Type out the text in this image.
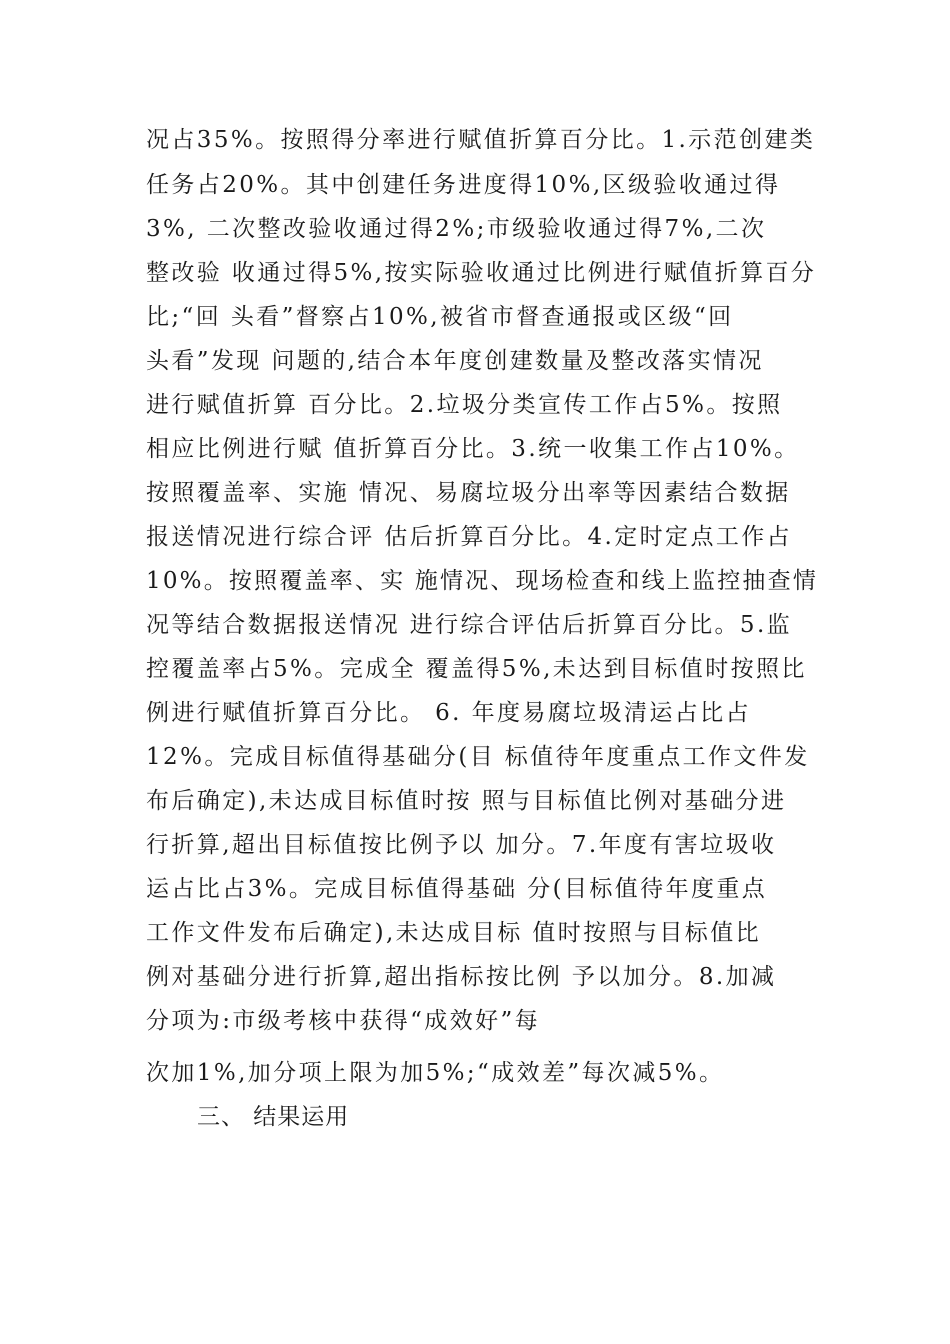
况占35%。按照得分率进行赋值折算百分比。1.示范创建类
任务占20%。其中创建任务进度得10%,区级验收通过得
3%, 二次整改验收通过得2%;市级验收通过得7%,二次
整改验 收通过得5%,按实际验收通过比例进行赋值折算百分
比;“回 头看”督察占10%,被省市督查通报或区级“回
头看”发现 问题的,结合本年度创建数量及整改落实情况
进行赋值折算 百分比。2.垃圾分类宣传工作占5%。按照
相应比例进行赋 值折算百分比。3.统一收集工作占10%。
按照覆盖率、实施 情况、易腐垃圾分出率等因素结合数据
报送情况进行综合评 估后折算百分比。4.定时定点工作占
10%。按照覆盖率、实 施情况、现场检查和线上监控抽查情
况等结合数据报送情况 进行综合评估后折算百分比。5.监
控覆盖率占5%。完成全 覆盖得5%,未达到目标值时按照比
例进行赋值折算百分比。 6. 年度易腐垃圾清运占比占
12%。完成目标值得基础分(目 标值待年度重点工作文件发
布后确定),未达成目标值时按 照与目标值比例对基础分进
行折算,超出目标值按比例予以 加分。7.年度有害垃圾收
运占比占3%。完成目标值得基础 分(目标值待年度重点
工作文件发布后确定),未达成目标 值时按照与目标值比
例对基础分进行折算,超出指标按比例 予以加分。8.加减
分项为:市级考核中获得“成效好”每
次加1%,加分项上限为加5%;“成效差”每次减5%。
三、 结果运用
